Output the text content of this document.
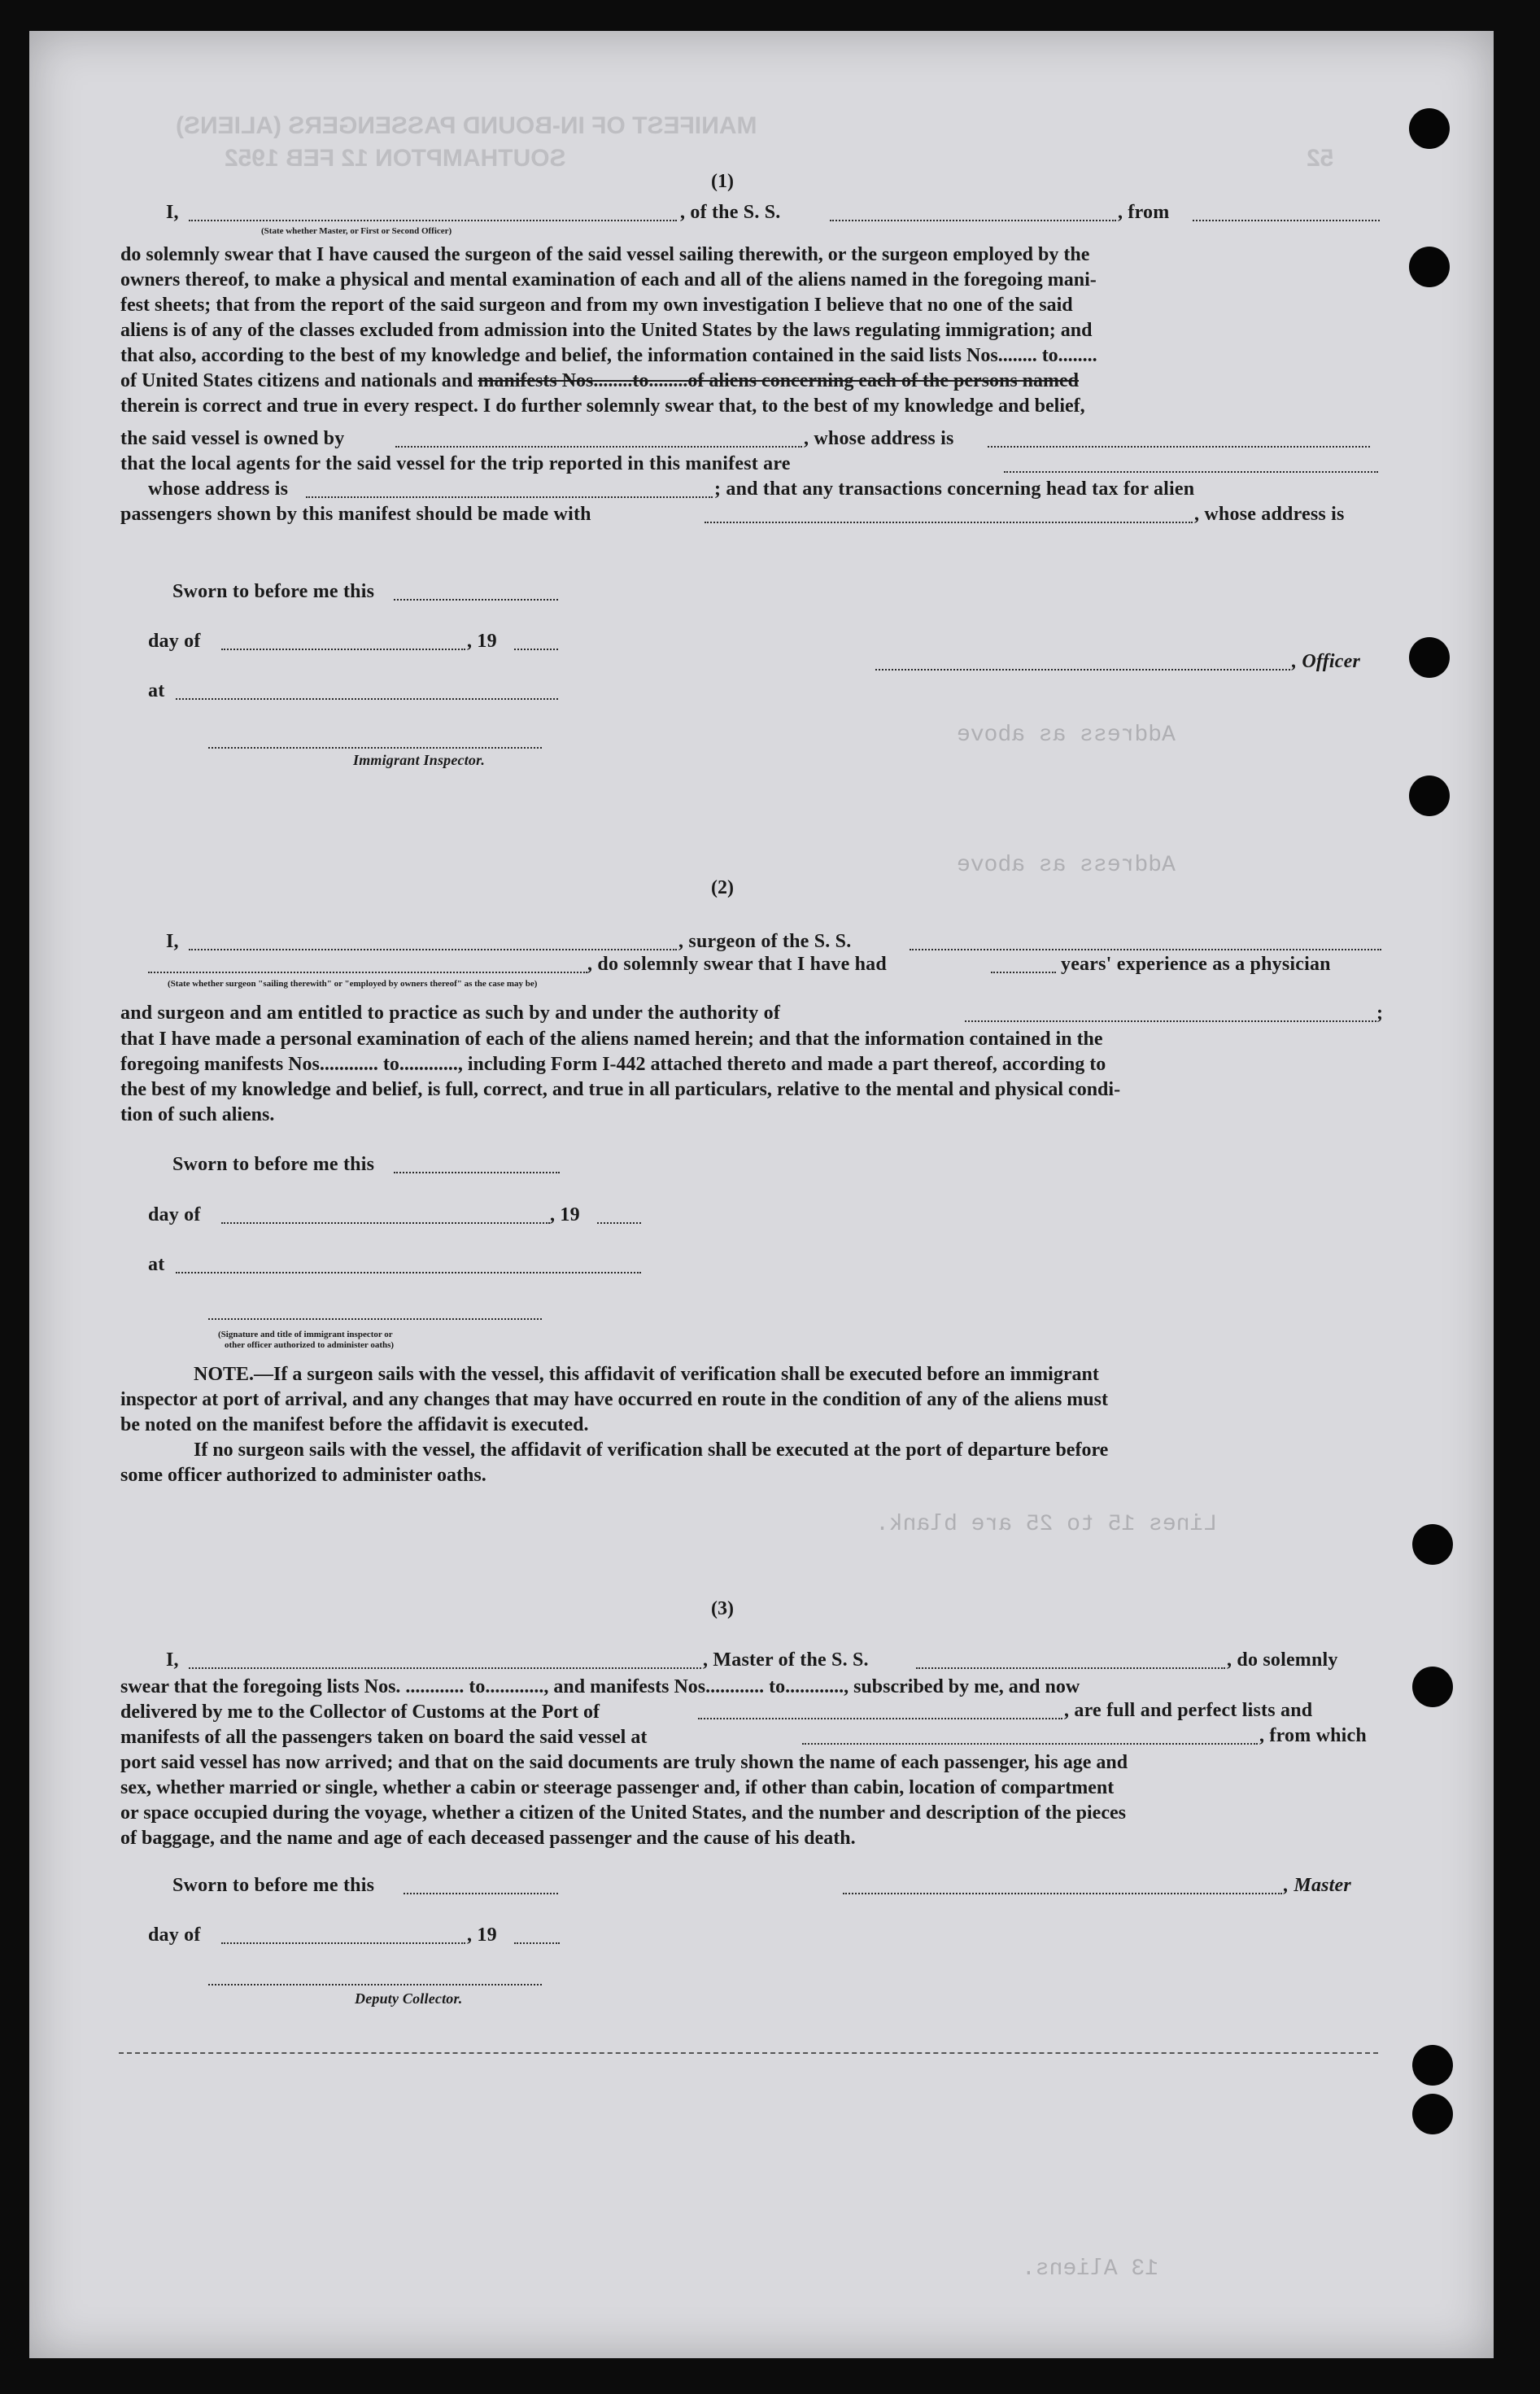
MANIFEST OF IN-BOUND PASSENGERS (ALIENS)
SOUTHAMPTON 12 FEB 1952	52
Address as above
Address as above
Lines 15 to 25 are blank.
13 Aliens.
(1)
I,
(State whether Master, or First or Second Officer)
, of the S. S.	, from

do solemnly swear that I have caused the surgeon of the said vessel sailing therewith, or the surgeon employed by the

owners thereof, to make a physical and mental examination of each and all of the aliens named in the foregoing mani-

fest sheets; that from the report of the said surgeon and from my own investigation I believe that no one of the said

aliens is of any of the classes excluded from admission into the United States by the laws regulating immigration; and

that also, according to the best of my knowledge and belief, the information contained in the said lists Nos........ to........

of United States citizens and nationals and manifests Nos........to........of aliens concerning each of the persons named

therein is correct and true in every respect. I do further solemnly swear that, to the best of my knowledge and belief,

the said vessel is owned by	, whose address is
that the local agents for the said vessel for the trip reported in this manifest are
whose address is	; and that any transactions concerning head tax for alien
passengers shown by this manifest should be made with	, whose address is
Sworn to before me this
day of	, 19
at
, Officer
Immigrant Inspector.
(2)
I,	, surgeon of the S. S.
, do solemnly swear that I have had	years' experience as a physician
(State whether surgeon "sailing therewith" or "employed by owners thereof" as the case may be)
and surgeon and am entitled to practice as such by and under the authority of	;

that I have made a personal examination of each of the aliens named herein; and that the information contained in the

foregoing manifests Nos............ to............, including Form I-442 attached thereto and made a part thereof, according to

the best of my knowledge and belief, is full, correct, and true in all particulars, relative to the mental and physical condi-

tion of such aliens.

Sworn to before me this
day of	, 19
at
(Signature and title of immigrant inspector or
other officer authorized to administer oaths)

NOTE.—If a surgeon sails with the vessel, this affidavit of verification shall be executed before an immigrant

inspector at port of arrival, and any changes that may have occurred en route in the condition of any of the aliens must

be noted on the manifest before the affidavit is executed.

If no surgeon sails with the vessel, the affidavit of verification shall be executed at the port of departure before

some officer authorized to administer oaths.

(3)
I,	, Master of the S. S.	, do solemnly

swear that the foregoing lists Nos. ............ to............, and manifests Nos............ to............, subscribed by me, and now

delivered by me to the Collector of Customs at the Port of

manifests of all the passengers taken on board the said vessel at

port said vessel has now arrived; and that on the said documents are truly shown the name of each passenger, his age and

sex, whether married or single, whether a cabin or steerage passenger and, if other than cabin, location of compartment

or space occupied during the voyage, whether a citizen of the United States, and the number and description of the pieces

of baggage, and the name and age of each deceased passenger and the cause of his death.

, are full and perfect lists and
, from which
Sworn to before me this	, Master
day of	, 19
Deputy Collector.
